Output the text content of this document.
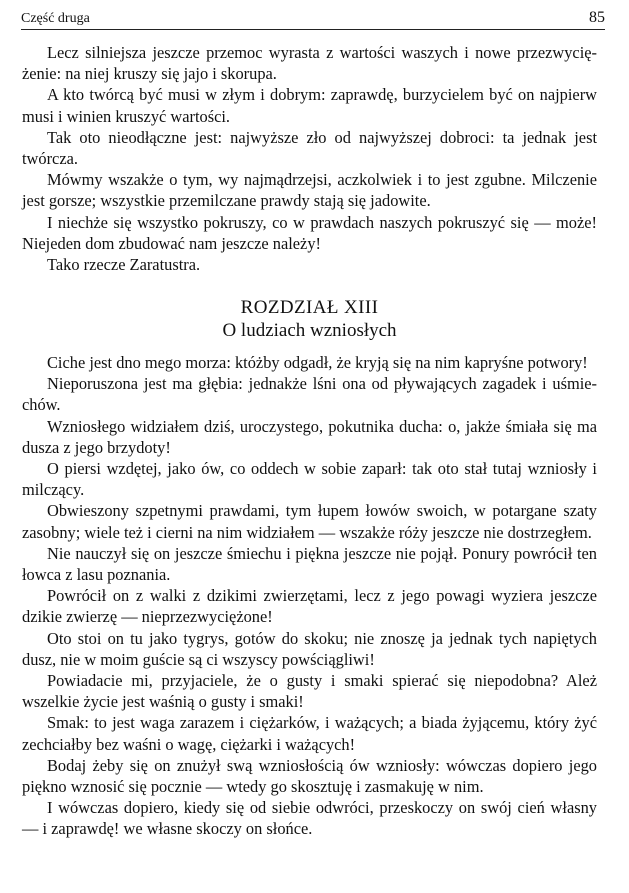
Część druga	85

Lecz silniejsza jeszcze przemoc wyrasta z wartości waszych i nowe przezwyciężenie: na niej kruszy się jajo i skorupa.

A kto twórcą być musi w złym i dobrym: zaprawdę, burzycielem być on najpierw musi i winien kruszyć wartości.

Tak oto nieodłączne jest: najwyższe zło od najwyższej dobroci: ta jednak jest twórcza.

Mówmy wszakże o tym, wy najmądrzejsi, aczkolwiek i to jest zgubne. Milczenie jest gorsze; wszystkie przemilczane prawdy stają się jadowite.

I niechże się wszystko pokruszy, co w prawdach naszych pokruszyć się — może! Niejeden dom zbudować nam jeszcze należy!

Tako rzecze Zaratustra.

ROZDZIAŁ XIII
O ludziach wzniosłych

Ciche jest dno mego morza: któżby odgadł, że kryją się na nim kapryśne potwory!

Nieporuszona jest ma głębia: jednakże lśni ona od pływających zagadek i uśmiechów.

Wzniosłego widziałem dziś, uroczystego, pokutnika ducha: o, jakże śmiała się ma dusza z jego brzydoty!

O piersi wzdętej, jako ów, co oddech w sobie zaparł: tak oto stał tutaj wzniosły i milczący.

Obwieszony szpetnymi prawdami, tym łupem łowów swoich, w potargane szaty zasobny; wiele też i cierni na nim widziałem — wszakże róży jeszcze nie dostrzegłem.

Nie nauczył się on jeszcze śmiechu i piękna jeszcze nie pojął. Ponury powrócił ten łowca z lasu poznania.

Powrócił on z walki z dzikimi zwierzętami, lecz z jego powagi wyziera jeszcze dzikie zwierzę — nieprzezwyciężone!

Oto stoi on tu jako tygrys, gotów do skoku; nie znoszę ja jednak tych napiętych dusz, nie w moim guście są ci wszyscy powściągliwi!

Powiadacie mi, przyjaciele, że o gusty i smaki spierać się niepodobna? Ależ wszelkie życie jest waśnią o gusty i smaki!

Smak: to jest waga zarazem i ciężarków, i ważących; a biada żyjącemu, który żyć zechciałby bez waśni o wagę, ciężarki i ważących!

Bodaj żeby się on znużył swą wzniosłością ów wzniosły: wówczas dopiero jego piękno wznosić się pocznie — wtedy go skosztuję i zasmakuję w nim.

I wówczas dopiero, kiedy się od siebie odwróci, przeskoczy on swój cień własny — i zaprawdę! we własne skoczy on słońce.
